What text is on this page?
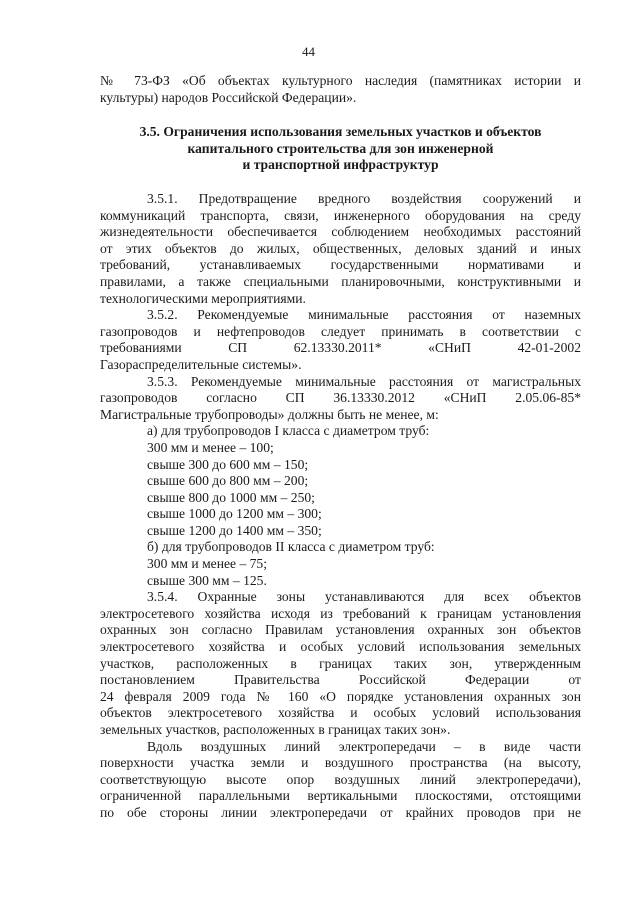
44
№ 73-ФЗ «Об объектах культурного наследия (памятниках истории и
культуры) народов Российской Федерации».
3.5. Ограничения использования земельных участков и объектов
капитального строительства для зон инженерной
и транспортной инфраструктур
3.5.1. Предотвращение вредного воздействия сооружений и
коммуникаций транспорта, связи, инженерного оборудования на среду
жизнедеятельности обеспечивается соблюдением необходимых расстояний
от этих объектов до жилых, общественных, деловых зданий и иных
требований, устанавливаемых государственными нормативами и
правилами, а также специальными планировочными, конструктивными и
технологическими мероприятиями.
3.5.2. Рекомендуемые минимальные расстояния от наземных
газопроводов и нефтепроводов следует принимать в соответствии с
требованиями СП 62.13330.2011* «СНиП 42-01-2002
Газораспределительные системы».
3.5.3. Рекомендуемые минимальные расстояния от магистральных
газопроводов согласно СП 36.13330.2012 «СНиП 2.05.06-85*
Магистральные трубопроводы» должны быть не менее, м:

а) для трубопроводов I класса с диаметром труб:

300 мм и менее – 100;

свыше 300 до 600 мм – 150;

свыше 600 до 800 мм – 200;

свыше 800 до 1000 мм – 250;

свыше 1000 до 1200 мм – 300;

свыше 1200 до 1400 мм – 350;

б) для трубопроводов II класса с диаметром труб:

300 мм и менее – 75;

свыше 300 мм – 125.

3.5.4. Охранные зоны устанавливаются для всех объектов
электросетевого хозяйства исходя из требований к границам установления
охранных зон согласно Правилам установления охранных зон объектов
электросетевого хозяйства и особых условий использования земельных
участков, расположенных в границах таких зон, утвержденным
постановлением Правительства Российской Федерации от
24 февраля 2009 года № 160 «О порядке установления охранных зон
объектов электросетевого хозяйства и особых условий использования
земельных участков, расположенных в границах таких зон».
Вдоль воздушных линий электропередачи – в виде части
поверхности участка земли и воздушного пространства (на высоту,
соответствующую высоте опор воздушных линий электропередачи),
ограниченной параллельными вертикальными плоскостями, отстоящими
по обе стороны линии электропередачи от крайних проводов при не
